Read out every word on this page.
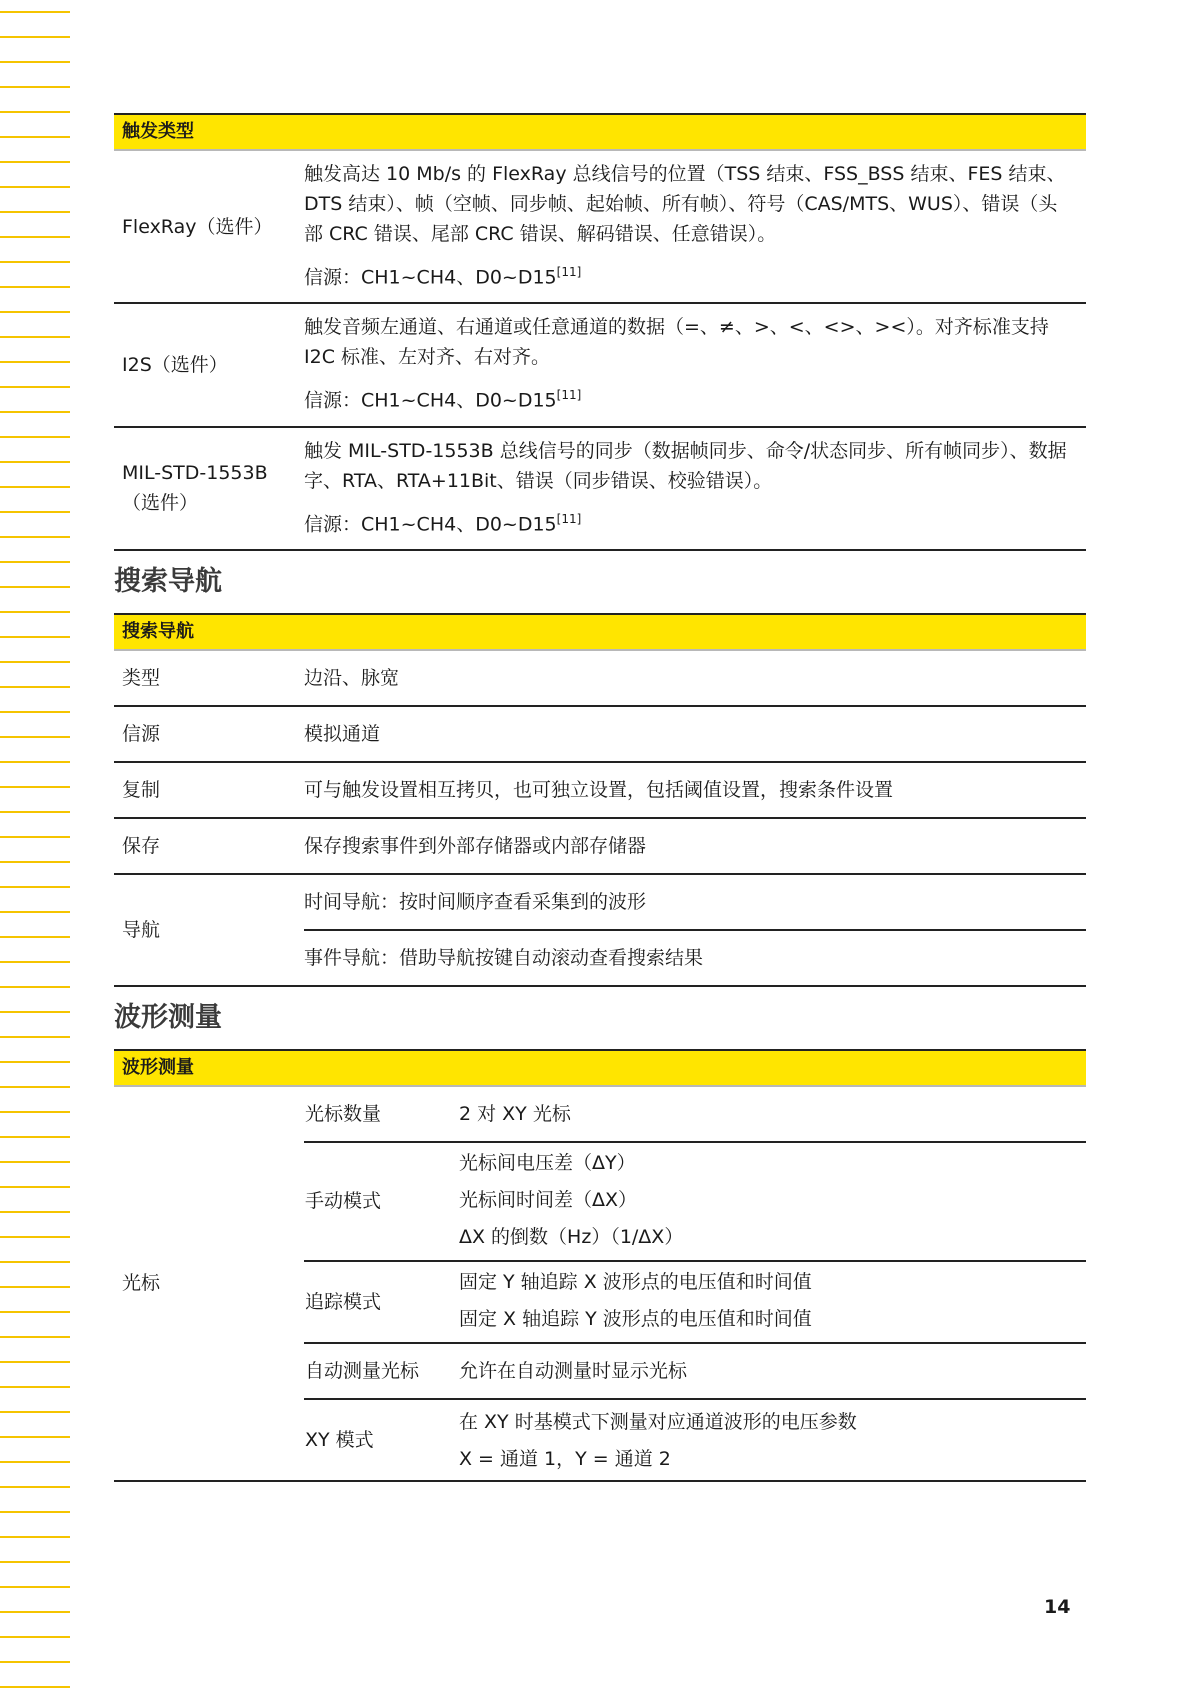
触发类型	
FlexRay（选件）	触发高达 10 Mb/s 的 FlexRay 总线信号的位置（TSS 结束、FSS_BSS 结束、FES 结束、DTS 结束）、帧（空帧、同步帧、起始帧、所有帧）、符号（CAS/MTS、WUS）、错误（头部 CRC 错误、尾部 CRC 错误、解码错误、任意错误）。
信源：CH1~CH4、D0~D15[11]

I2S（选件）	触发音频左通道、右通道或任意通道的数据（=、≠、>、<、<>、><）。对齐标准支持 I2C 标准、左对齐、右对齐。
信源：CH1~CH4、D0~D15[11]

MIL-STD-1553B（选件）	触发 MIL-STD-1553B 总线信号的同步（数据帧同步、命令/状态同步、所有帧同步）、数据字、RTA、RTA+11Bit、错误（同步错误、校验错误）。
信源：CH1~CH4、D0~D15[11]
搜索导航
搜索导航	
类型	边沿、脉宽
信源	模拟通道
复制	可与触发设置相互拷贝，也可独立设置，包括阈值设置，搜索条件设置
保存	保存搜索事件到外部存储器或内部存储器
导航	时间导航：按时间顺序查看采集到的波形
	事件导航：借助导航按键自动滚动查看搜索结果
波形测量
波形测量		
光标	光标数量	2 对 XY 光标
	手动模式	光标间电压差（ΔY）
光标间时间差（ΔX）
ΔX 的倒数（Hz）（1/ΔX）

	追踪模式	固定 Y 轴追踪 X 波形点的电压值和时间值
固定 X 轴追踪 Y 波形点的电压值和时间值

	自动测量光标	允许在自动测量时显示光标
	XY 模式	在 XY 时基模式下测量对应通道波形的电压参数
X = 通道 1，Y = 通道 2
14
